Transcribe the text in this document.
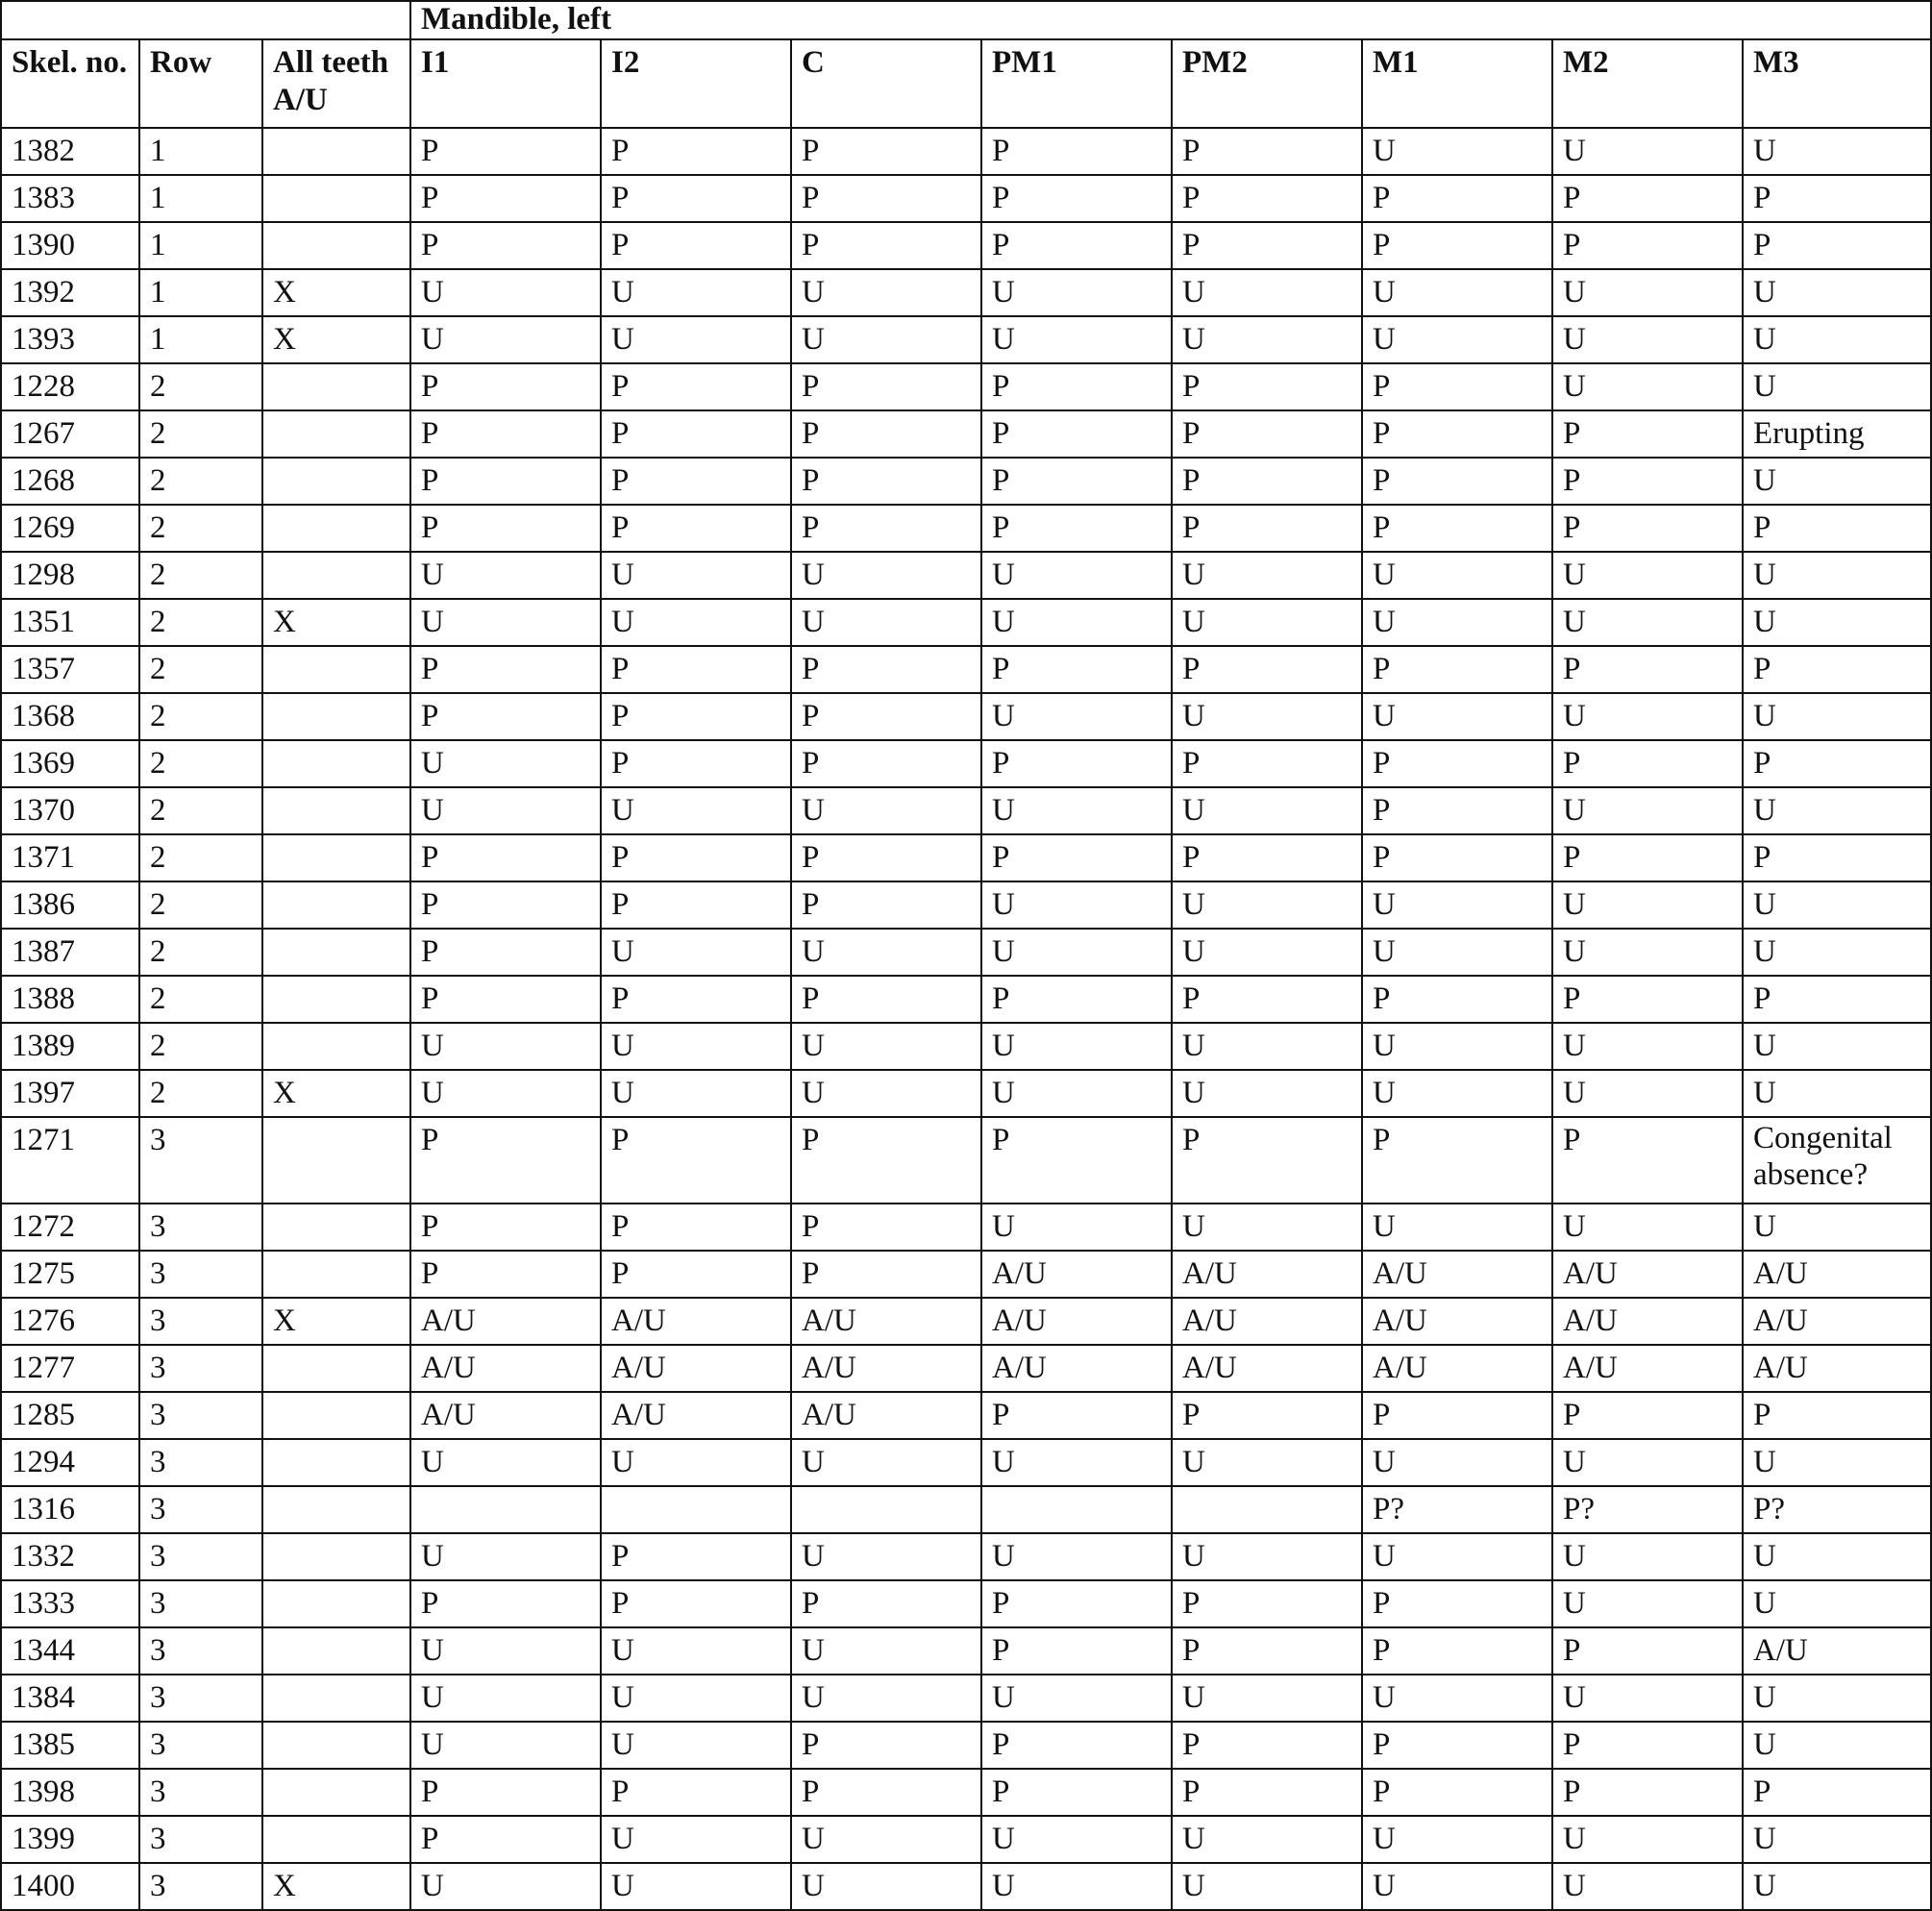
			Mandible, left							
Skel. no.	Row	All teeth A/U	I1	I2	C	PM1	PM2	M1	M2	M3
1382	1		P	P	P	P	P	U	U	U
1383	1		P	P	P	P	P	P	P	P
1390	1		P	P	P	P	P	P	P	P
1392	1	X	U	U	U	U	U	U	U	U
1393	1	X	U	U	U	U	U	U	U	U
1228	2		P	P	P	P	P	P	U	U
1267	2		P	P	P	P	P	P	P	Erupting
1268	2		P	P	P	P	P	P	P	U
1269	2		P	P	P	P	P	P	P	P
1298	2		U	U	U	U	U	U	U	U
1351	2	X	U	U	U	U	U	U	U	U
1357	2		P	P	P	P	P	P	P	P
1368	2		P	P	P	U	U	U	U	U
1369	2		U	P	P	P	P	P	P	P
1370	2		U	U	U	U	U	P	U	U
1371	2		P	P	P	P	P	P	P	P
1386	2		P	P	P	U	U	U	U	U
1387	2		P	U	U	U	U	U	U	U
1388	2		P	P	P	P	P	P	P	P
1389	2		U	U	U	U	U	U	U	U
1397	2	X	U	U	U	U	U	U	U	U
1271	3		P	P	P	P	P	P	P	Congenital absence?
1272	3		P	P	P	U	U	U	U	U
1275	3		P	P	P	A/U	A/U	A/U	A/U	A/U
1276	3	X	A/U	A/U	A/U	A/U	A/U	A/U	A/U	A/U
1277	3		A/U	A/U	A/U	A/U	A/U	A/U	A/U	A/U
1285	3		A/U	A/U	A/U	P	P	P	P	P
1294	3		U	U	U	U	U	U	U	U
1316	3							P?	P?	P?
1332	3		U	P	U	U	U	U	U	U
1333	3		P	P	P	P	P	P	U	U
1344	3		U	U	U	P	P	P	P	A/U
1384	3		U	U	U	U	U	U	U	U
1385	3		U	U	P	P	P	P	P	U
1398	3		P	P	P	P	P	P	P	P
1399	3		P	U	U	U	U	U	U	U
1400	3	X	U	U	U	U	U	U	U	U
